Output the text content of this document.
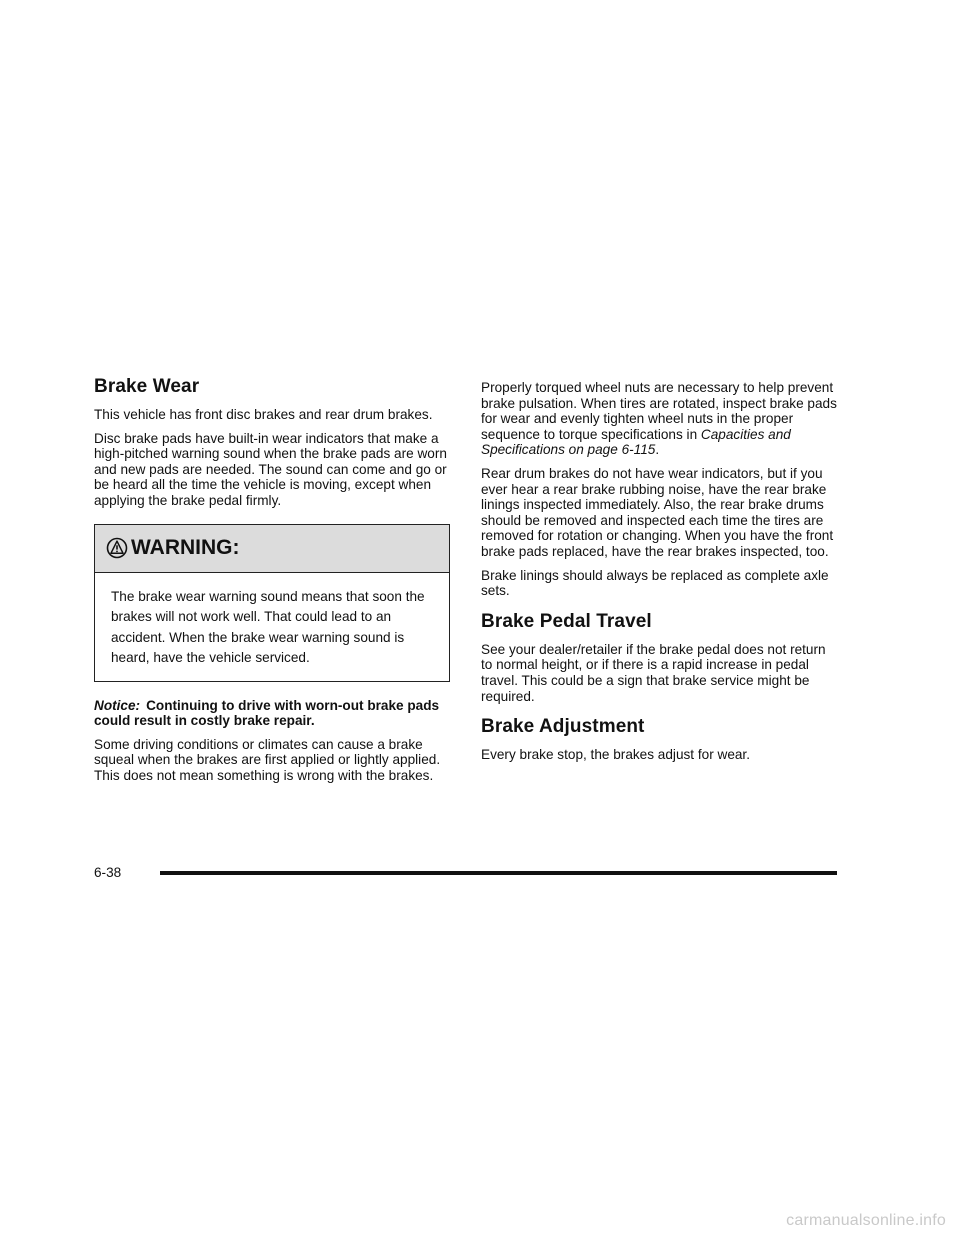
Brake Wear

This vehicle has front disc brakes and rear drum brakes.

Disc brake pads have built-in wear indicators that make a high-pitched warning sound when the brake pads are worn and new pads are needed. The sound can come and go or be heard all the time the vehicle is moving, except when applying the brake pedal firmly.

WARNING:
The brake wear warning sound means that soon the brakes will not work well. That could lead to an accident. When the brake wear warning sound is heard, have the vehicle serviced.

Notice: Continuing to drive with worn-out brake pads could result in costly brake repair.

Some driving conditions or climates can cause a brake squeal when the brakes are first applied or lightly applied. This does not mean something is wrong with the brakes.

Properly torqued wheel nuts are necessary to help prevent brake pulsation. When tires are rotated, inspect brake pads for wear and evenly tighten wheel nuts in the proper sequence to torque specifications in Capacities and Specifications on page 6-115.

Rear drum brakes do not have wear indicators, but if you ever hear a rear brake rubbing noise, have the rear brake linings inspected immediately. Also, the rear brake drums should be removed and inspected each time the tires are removed for rotation or changing. When you have the front brake pads replaced, have the rear brakes inspected, too.

Brake linings should always be replaced as complete axle sets.

Brake Pedal Travel

See your dealer/retailer if the brake pedal does not return to normal height, or if there is a rapid increase in pedal travel. This could be a sign that brake service might be required.

Brake Adjustment

Every brake stop, the brakes adjust for wear.

6-38
carmanualsonline.info
